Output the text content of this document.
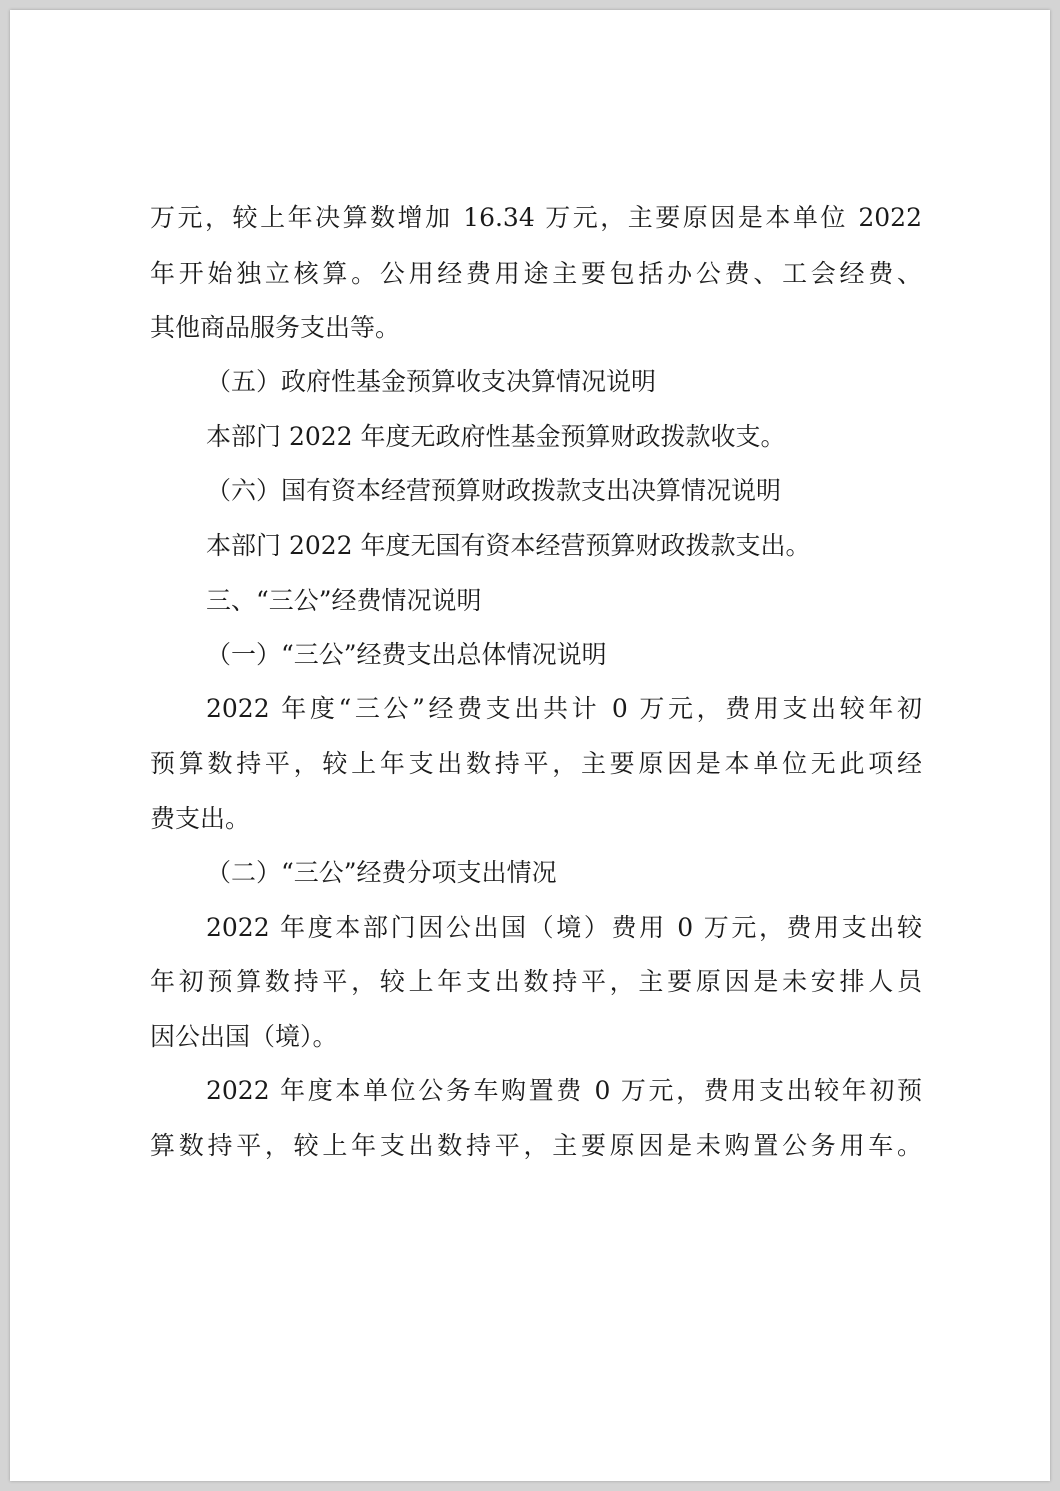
万元，较上年决算数增加 16.34 万元，主要原因是本单位 2022
年开始独立核算。公用经费用途主要包括办公费、工会经费、
其他商品服务支出等。
（五）政府性基金预算收支决算情况说明
本部门 2022 年度无政府性基金预算财政拨款收支。
（六）国有资本经营预算财政拨款支出决算情况说明
本部门 2022 年度无国有资本经营预算财政拨款支出。
三、“三公”经费情况说明
（一）“三公”经费支出总体情况说明
2022 年度“三公”经费支出共计 0 万元，费用支出较年初
预算数持平，较上年支出数持平，主要原因是本单位无此项经
费支出。
（二）“三公”经费分项支出情况
2022 年度本部门因公出国（境）费用 0 万元，费用支出较
年初预算数持平，较上年支出数持平，主要原因是未安排人员
因公出国（境）。
2022 年度本单位公务车购置费 0 万元，费用支出较年初预
算数持平，较上年支出数持平，主要原因是未购置公务用车。
